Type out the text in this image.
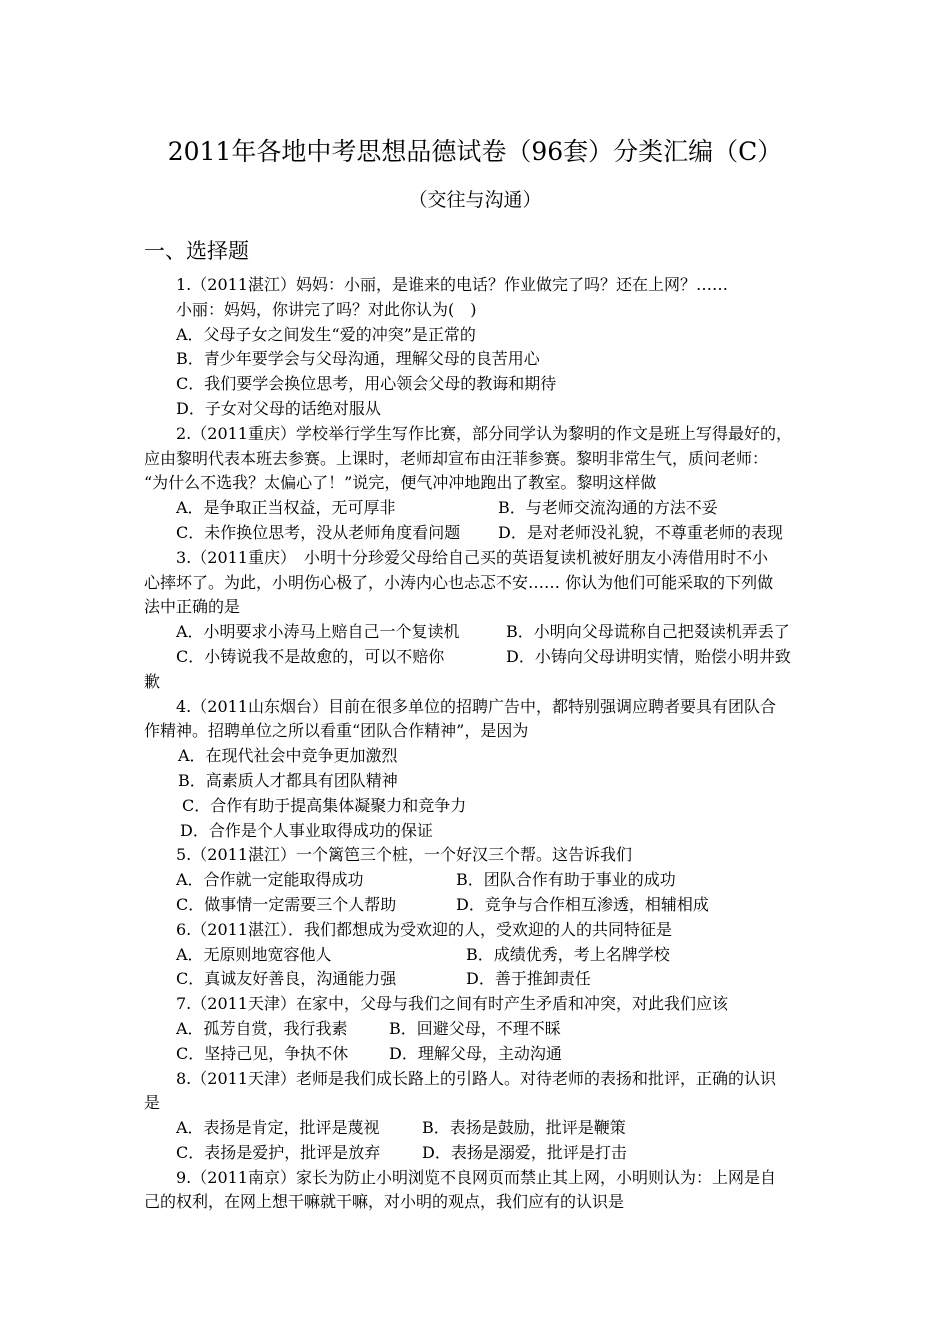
2011年各地中考思想品德试卷（96套）分类汇编（C）
（交往与沟通）
一、选择题
1.（2011湛江）妈妈：小丽，是谁来的电话？作业做完了吗？还在上网？……
小丽：妈妈，你讲完了吗？对此你认为(　)
A．父母子女之间发生“爱的冲突”是正常的
B．青少年要学会与父母沟通，理解父母的良苦用心
C．我们要学会换位思考，用心领会父母的教诲和期待
D．子女对父母的话绝对服从
2.（2011重庆）学校举行学生写作比赛，部分同学认为黎明的作文是班上写得最好的，
应由黎明代表本班去参赛。上课时，老师却宣布由汪菲参赛。黎明非常生气，质问老师：
“为什么不选我？太偏心了！”说完，便气冲冲地跑出了教室。黎明这样做
A．是争取正当权益，无可厚非	B．与老师交流沟通的方法不妥
C．未作换位思考，没从老师角度看问题 D．是对老师没礼貌，不尊重老师的表现
3.（2011重庆）　小明十分珍爱父母给自己买的英语复读机被好朋友小涛借用时不小
心摔坏了。为此，小明伤心极了，小涛内心也忐忑不安…… 你认为他们可能采取的下列做
法中正确的是
A．小明要求小涛马上赔自己一个复读机	B．小明向父母谎称自己把叕读机弄丢了
C．小铸说我不是故愈的，可以不赔你	D．小铸向父母讲明实情，贻偿小明井致
歉
4.（2011山东烟台）目前在很多单位的招聘广告中，都特别强调应聘者要具有团队合
作精神。招聘单位之所以看重“团队合作精神”，是因为
A．在现代社会中竞争更加激烈
B．高素质人才都具有团队精神
C．合作有助于提高集体凝聚力和竞争力
D．合作是个人事业取得成功的保证
5.（2011湛江）一个篱笆三个桩，一个好汉三个帮。这告诉我们
A．合作就一定能取得成功	B．团队合作有助于事业的成功
C．做事情一定需要三个人帮助	D．竞争与合作相互渗透，相辅相成
6.（2011湛江）．我们都想成为受欢迎的人，受欢迎的人的共同特征是
A．无原则地宽容他人	B．成绩优秀，考上名牌学校
C．真诚友好善良，沟通能力强	D．善于推卸责任
7.（2011天津）在家中，父母与我们之间有时产生矛盾和冲突，对此我们应该
A．孤芳自赏，我行我素	B．回避父母，不理不睬
C．坚持己见，争执不休	D．理解父母，主动沟通
8.（2011天津）老师是我们成长路上的引路人。对待老师的表扬和批评，正确的认识
是
A．表扬是肯定，批评是蔑视	B．表扬是鼓励，批评是鞭策
C．表扬是爱护，批评是放弃	D．表扬是溺爱，批评是打击
9.（2011南京）家长为防止小明浏览不良网页而禁止其上网，小明则认为：上网是自
己的权利，在网上想干嘛就干嘛，对小明的观点，我们应有的认识是
